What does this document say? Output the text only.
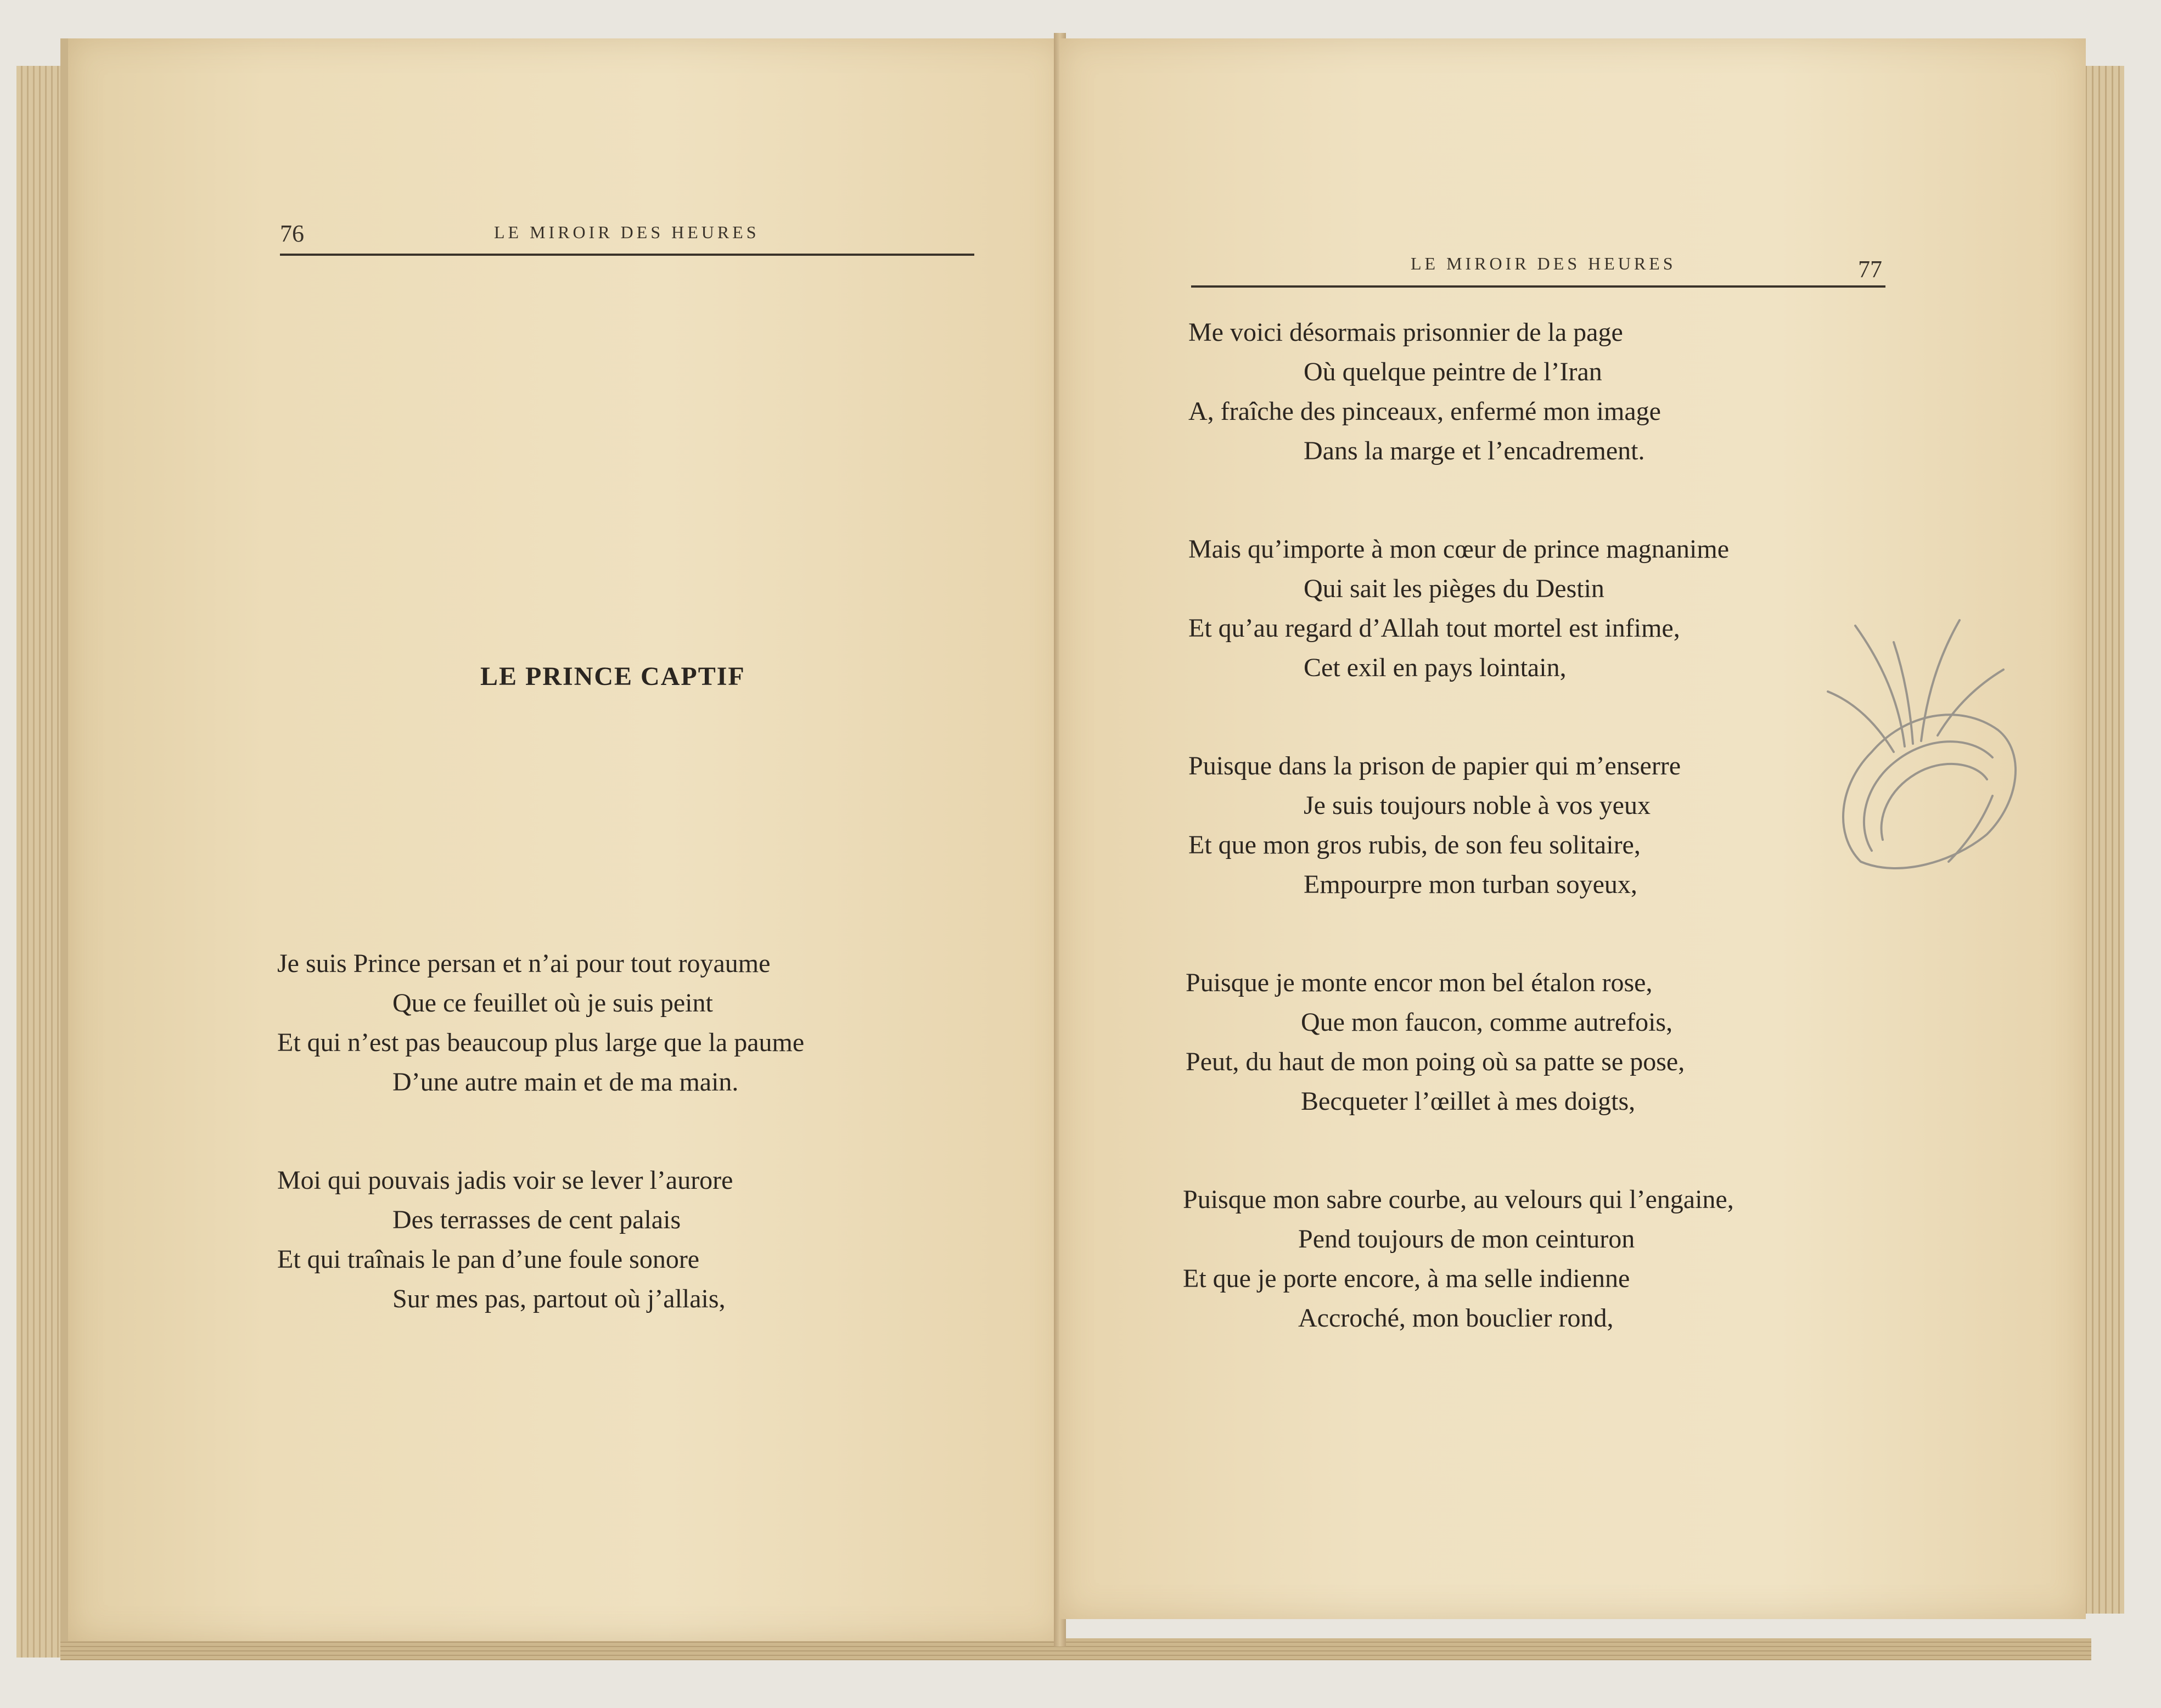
76	LE MIROIR DES HEURES
LE PRINCE CAPTIF
Je suis Prince persan et n’ai pour tout royaume
Que ce feuillet où je suis peint
Et qui n’est pas beaucoup plus large que la paume
D’une autre main et de ma main.
Moi qui pouvais jadis voir se lever l’aurore
Des terrasses de cent palais
Et qui traînais le pan d’une foule sonore
Sur mes pas, partout où j’allais,
LE MIROIR DES HEURES	77
Me voici désormais prisonnier de la page
Où quelque peintre de l’Iran
A, fraîche des pinceaux, enfermé mon image
Dans la marge et l’encadrement.
Mais qu’importe à mon cœur de prince magnanime
Qui sait les pièges du Destin
Et qu’au regard d’Allah tout mortel est infime,
Cet exil en pays lointain,
Puisque dans la prison de papier qui m’enserre
Je suis toujours noble à vos yeux
Et que mon gros rubis, de son feu solitaire,
Empourpre mon turban soyeux,
Puisque je monte encor mon bel étalon rose,
Que mon faucon, comme autrefois,
Peut, du haut de mon poing où sa patte se pose,
Becqueter l’œillet à mes doigts,
Puisque mon sabre courbe, au velours qui l’engaine,
Pend toujours de mon ceinturon
Et que je porte encore, à ma selle indienne
Accroché, mon bouclier rond,
